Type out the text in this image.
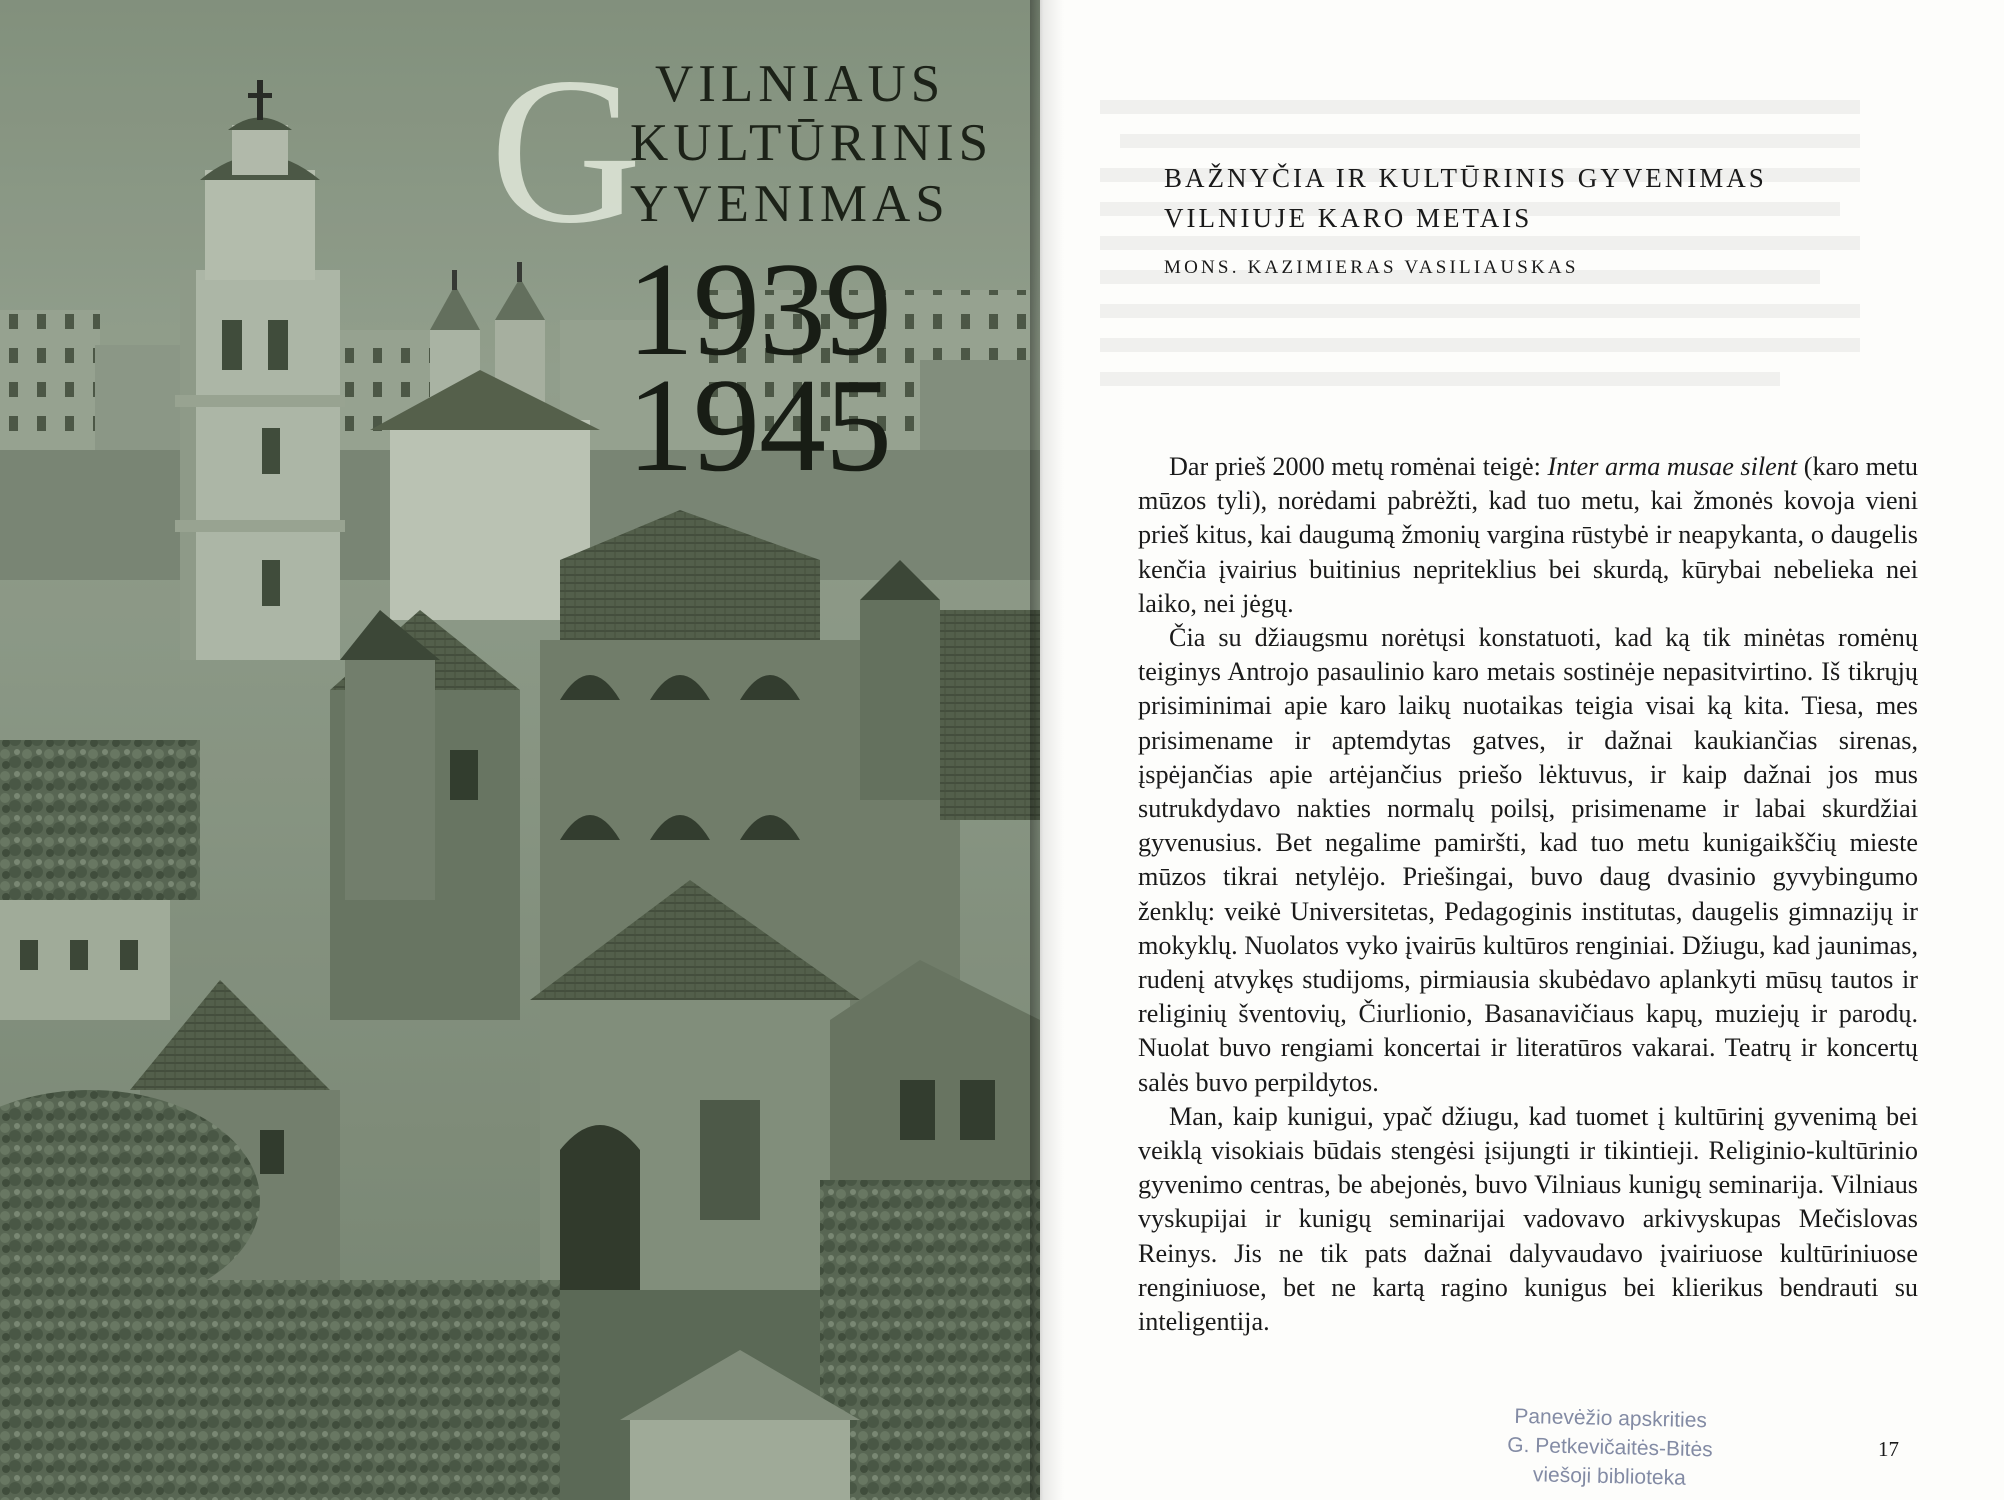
G VILNIAUS
KULTŪRINIS
YVENIMAS
1939
1945
BAŽNYČIA IR KULTŪRINIS GYVENIMAS
VILNIUJE KARO METAIS
MONS. KAZIMIERAS VASILIAUSKAS

Dar prieš 2000 metų romėnai teigė: Inter arma musae silent (karo metu mūzos tyli), norėdami pabrėžti, kad tuo metu, kai žmonės kovoja vieni prieš kitus, kai daugumą žmonių vargina rūstybė ir neapykanta, o daugelis kenčia įvairius buitinius nepriteklius bei skurdą, kūrybai nebelieka nei laiko, nei jėgų.

Čia su džiaugsmu norėtųsi konstatuoti, kad ką tik minėtas romėnų teiginys Antrojo pasaulinio karo metais sostinėje nepasitvirtino. Iš tikrųjų prisiminimai apie karo laikų nuotaikas teigia visai ką kita. Tiesa, mes prisimename ir aptemdytas gatves, ir dažnai kaukiančias sirenas, įspėjančias apie artėjančius priešo lėktuvus, ir kaip dažnai jos mus sutrukdydavo nakties normalų poilsį, prisimename ir labai skurdžiai gyvenusius. Bet negalime pamiršti, kad tuo metu kunigaikščių mieste mūzos tikrai netylėjo. Priešingai, buvo daug dvasinio gyvybingumo ženklų: veikė Universitetas, Pedagoginis institutas, daugelis gimnazijų ir mokyklų. Nuolatos vyko įvairūs kultūros renginiai. Džiugu, kad jaunimas, rudenį atvykęs studijoms, pirmiausia skubėdavo aplankyti mūsų tautos ir religinių šventovių, Čiurlionio, Basanavičiaus kapų, muziejų ir parodų. Nuolat buvo rengiami koncertai ir literatūros vakarai. Teatrų ir koncertų salės buvo perpildytos.

Man, kaip kunigui, ypač džiugu, kad tuomet į kultūrinį gyvenimą bei veiklą visokiais būdais stengėsi įsijungti ir tikintieji. Religinio-kultūrinio gyvenimo centras, be abejonės, buvo Vilniaus kunigų seminarija. Vilniaus vyskupijai ir kunigų seminarijai vadovavo arkivyskupas Mečislovas Reinys. Jis ne tik pats dažnai dalyvaudavo įvairiuose kultūriniuose renginiuose, bet ne kartą ragino kunigus bei klierikus bendrauti su inteligentija.

Panevėžio apskrities
G. Petkevičaitės-Bitės
viešoji biblioteka
17
